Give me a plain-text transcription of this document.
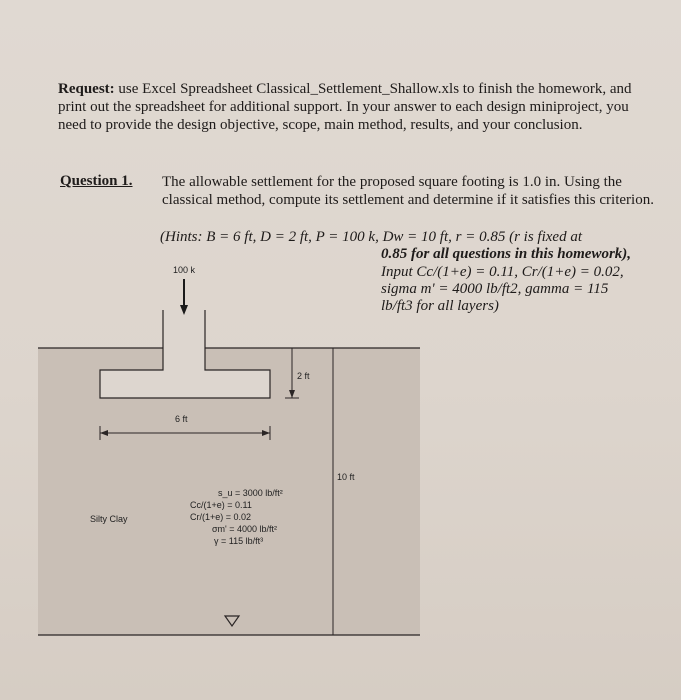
Request: use Excel Spreadsheet Classical_Settlement_Shallow.xls to finish the homework, and print out the spreadsheet for additional support. In your answer to each design miniproject, you need to provide the design objective, scope, main method, results, and your conclusion.
Question 1. The allowable settlement for the proposed square footing is 1.0 in. Using the classical method, compute its settlement and determine if it satisfies this criterion.
(Hints: B = 6 ft, D = 2 ft, P = 100 k, Dw = 10 ft, r = 0.85 (r is fixed at
0.85 for all questions in this homework),
Input Cc/(1+e) = 0.11, Cr/(1+e) = 0.02,
sigma m' = 4000 lb/ft2, gamma = 115
lb/ft3 for all layers)
100 k
2 ft
6 ft
10 ft
Silty Clay
s_u = 3000 lb/ft²
Cc/(1+e) = 0.11
Cr/(1+e) = 0.02
σm' = 4000 lb/ft²
γ = 115 lb/ft³
